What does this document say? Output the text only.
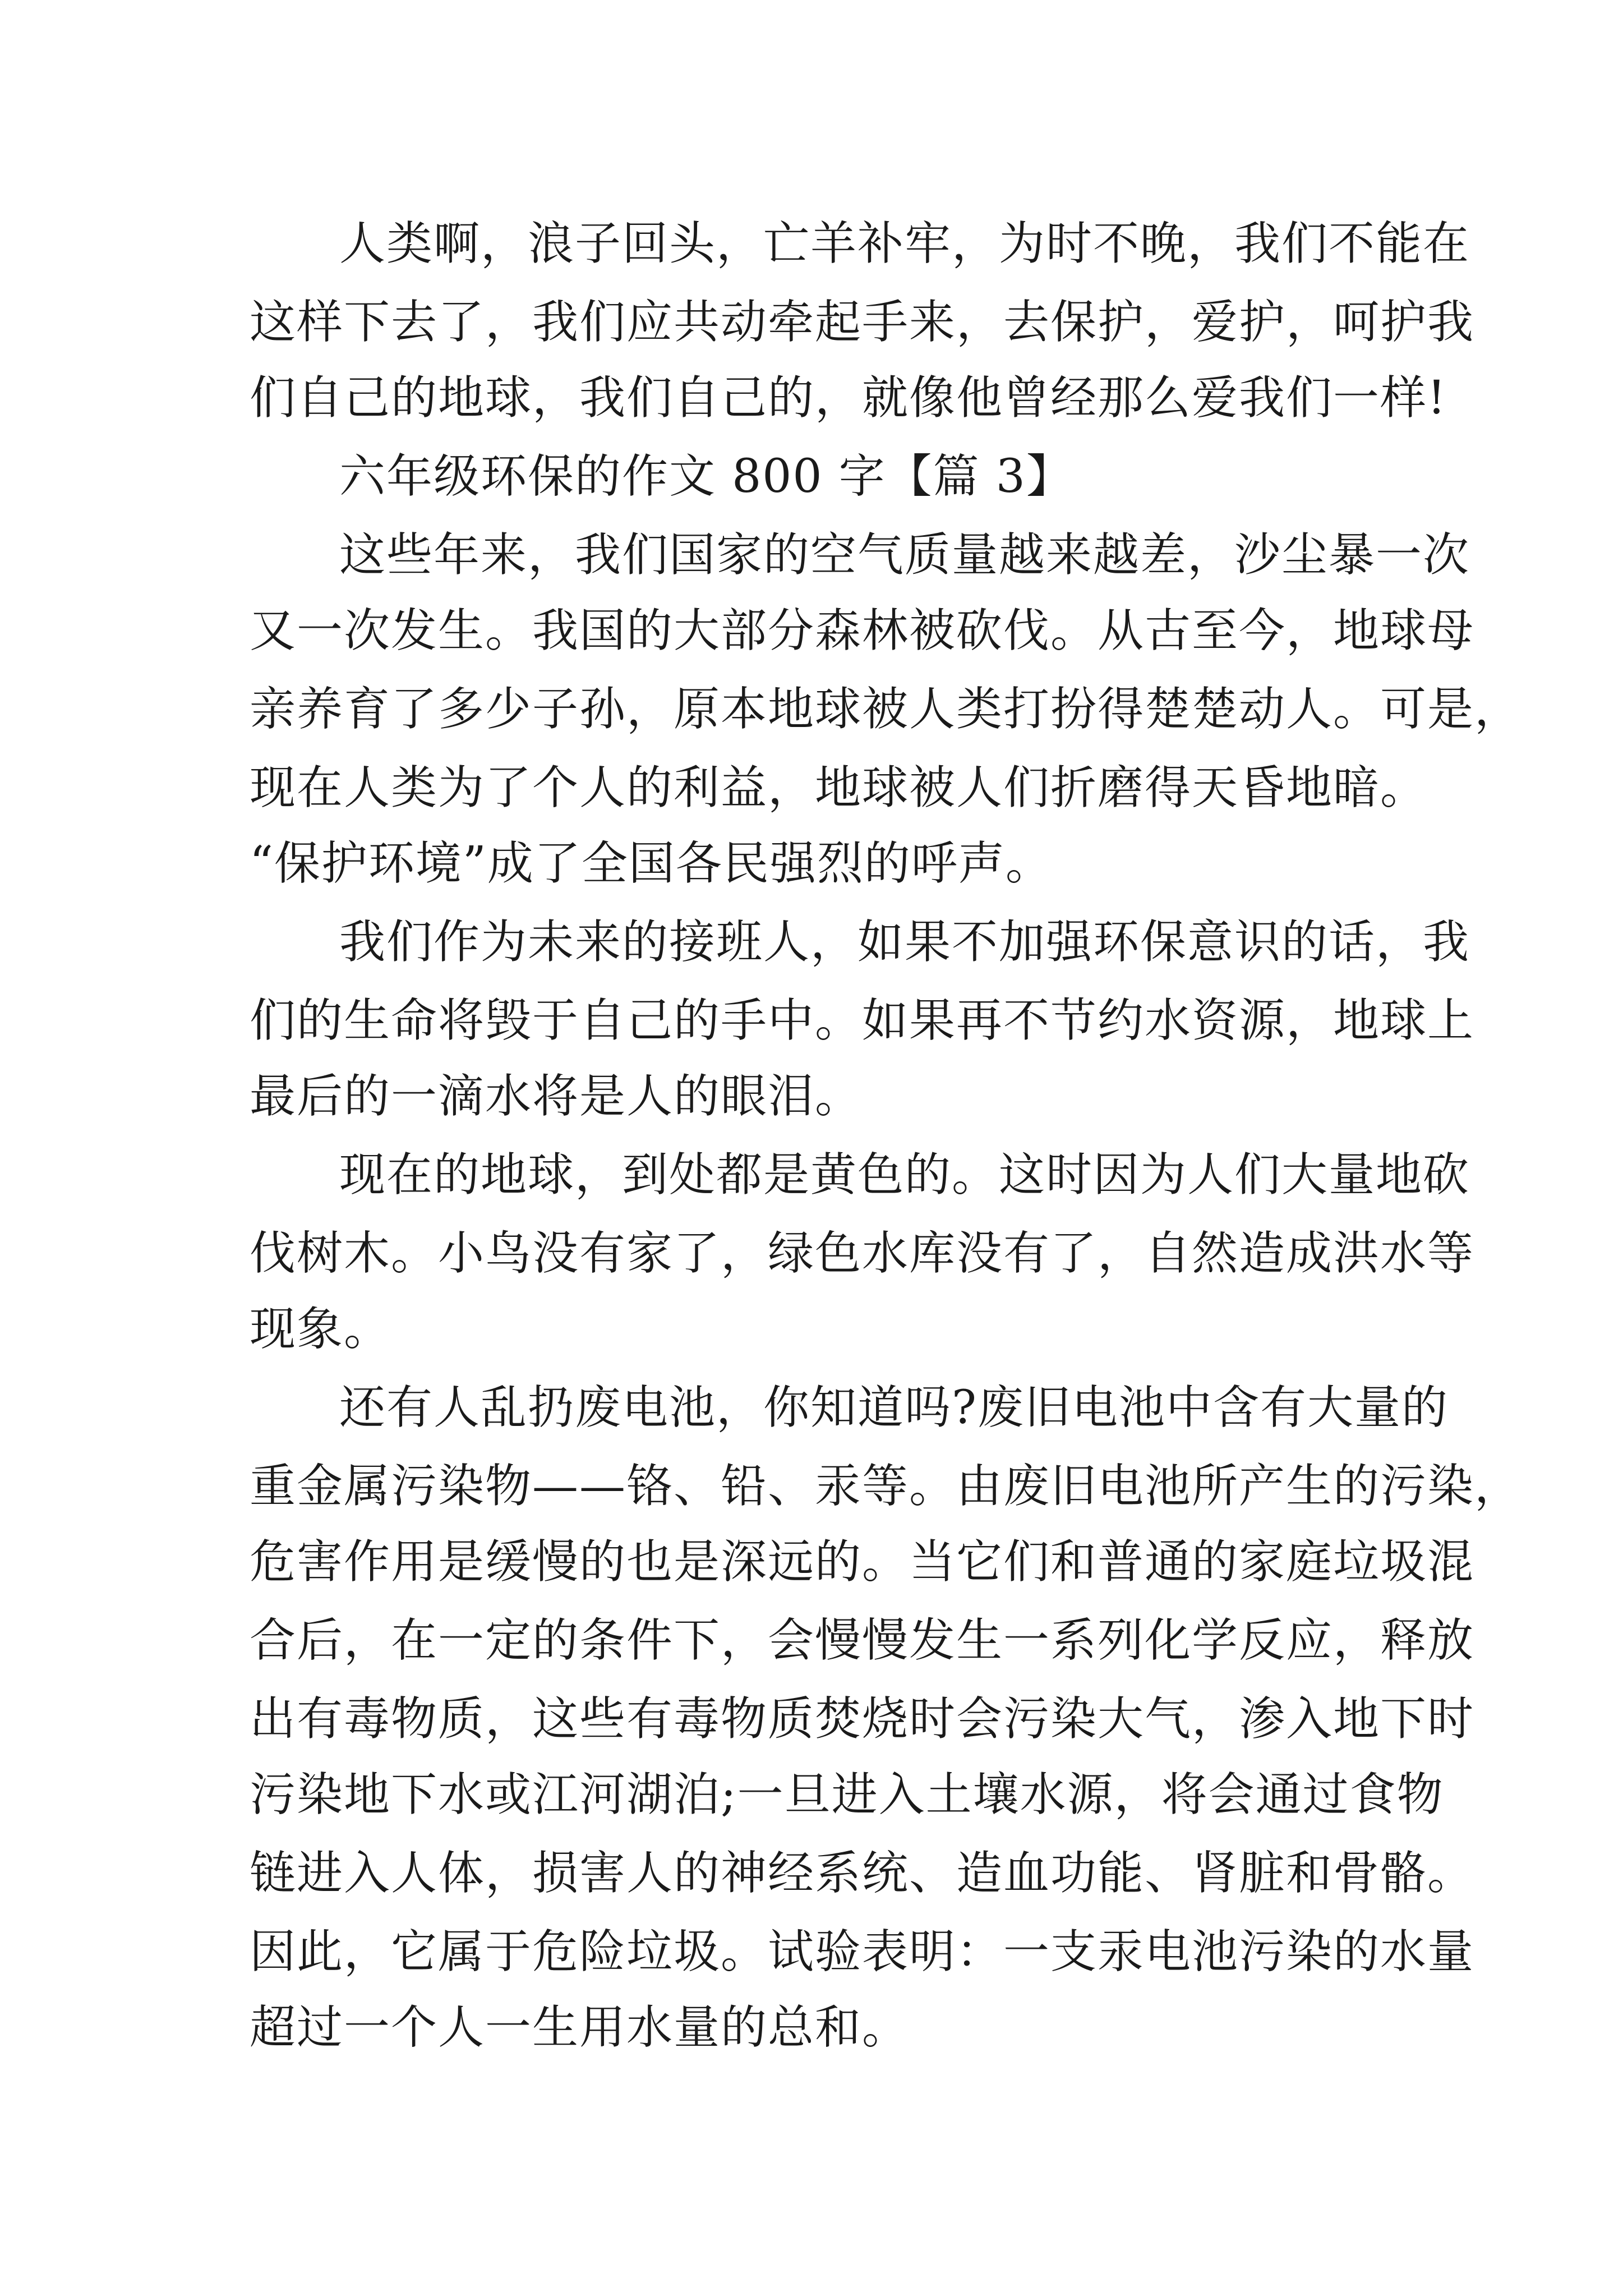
人类啊，浪子回头，亡羊补牢，为时不晚，我们不能在
这样下去了，我们应共动牵起手来，去保护，爱护，呵护我
们自己的地球，我们自己的，就像他曾经那么爱我们一样!
六年级环保的作文 800 字【篇 3】
这些年来，我们国家的空气质量越来越差，沙尘暴一次
又一次发生。我国的大部分森林被砍伐。从古至今，地球母
亲养育了多少子孙，原本地球被人类打扮得楚楚动人。可是，
现在人类为了个人的利益，地球被人们折磨得天昏地暗。
“保护环境”成了全国各民强烈的呼声。
我们作为未来的接班人，如果不加强环保意识的话，我
们的生命将毁于自己的手中。如果再不节约水资源，地球上
最后的一滴水将是人的眼泪。
现在的地球，到处都是黄色的。这时因为人们大量地砍
伐树木。小鸟没有家了，绿色水库没有了，自然造成洪水等
现象。
还有人乱扔废电池，你知道吗?废旧电池中含有大量的
重金属污染物——铬、铅、汞等。由废旧电池所产生的污染，
危害作用是缓慢的也是深远的。当它们和普通的家庭垃圾混
合后，在一定的条件下，会慢慢发生一系列化学反应，释放
出有毒物质，这些有毒物质焚烧时会污染大气，渗入地下时
污染地下水或江河湖泊;一旦进入土壤水源，将会通过食物
链进入人体，损害人的神经系统、造血功能、肾脏和骨骼。
因此，它属于危险垃圾。试验表明：一支汞电池污染的水量
超过一个人一生用水量的总和。
